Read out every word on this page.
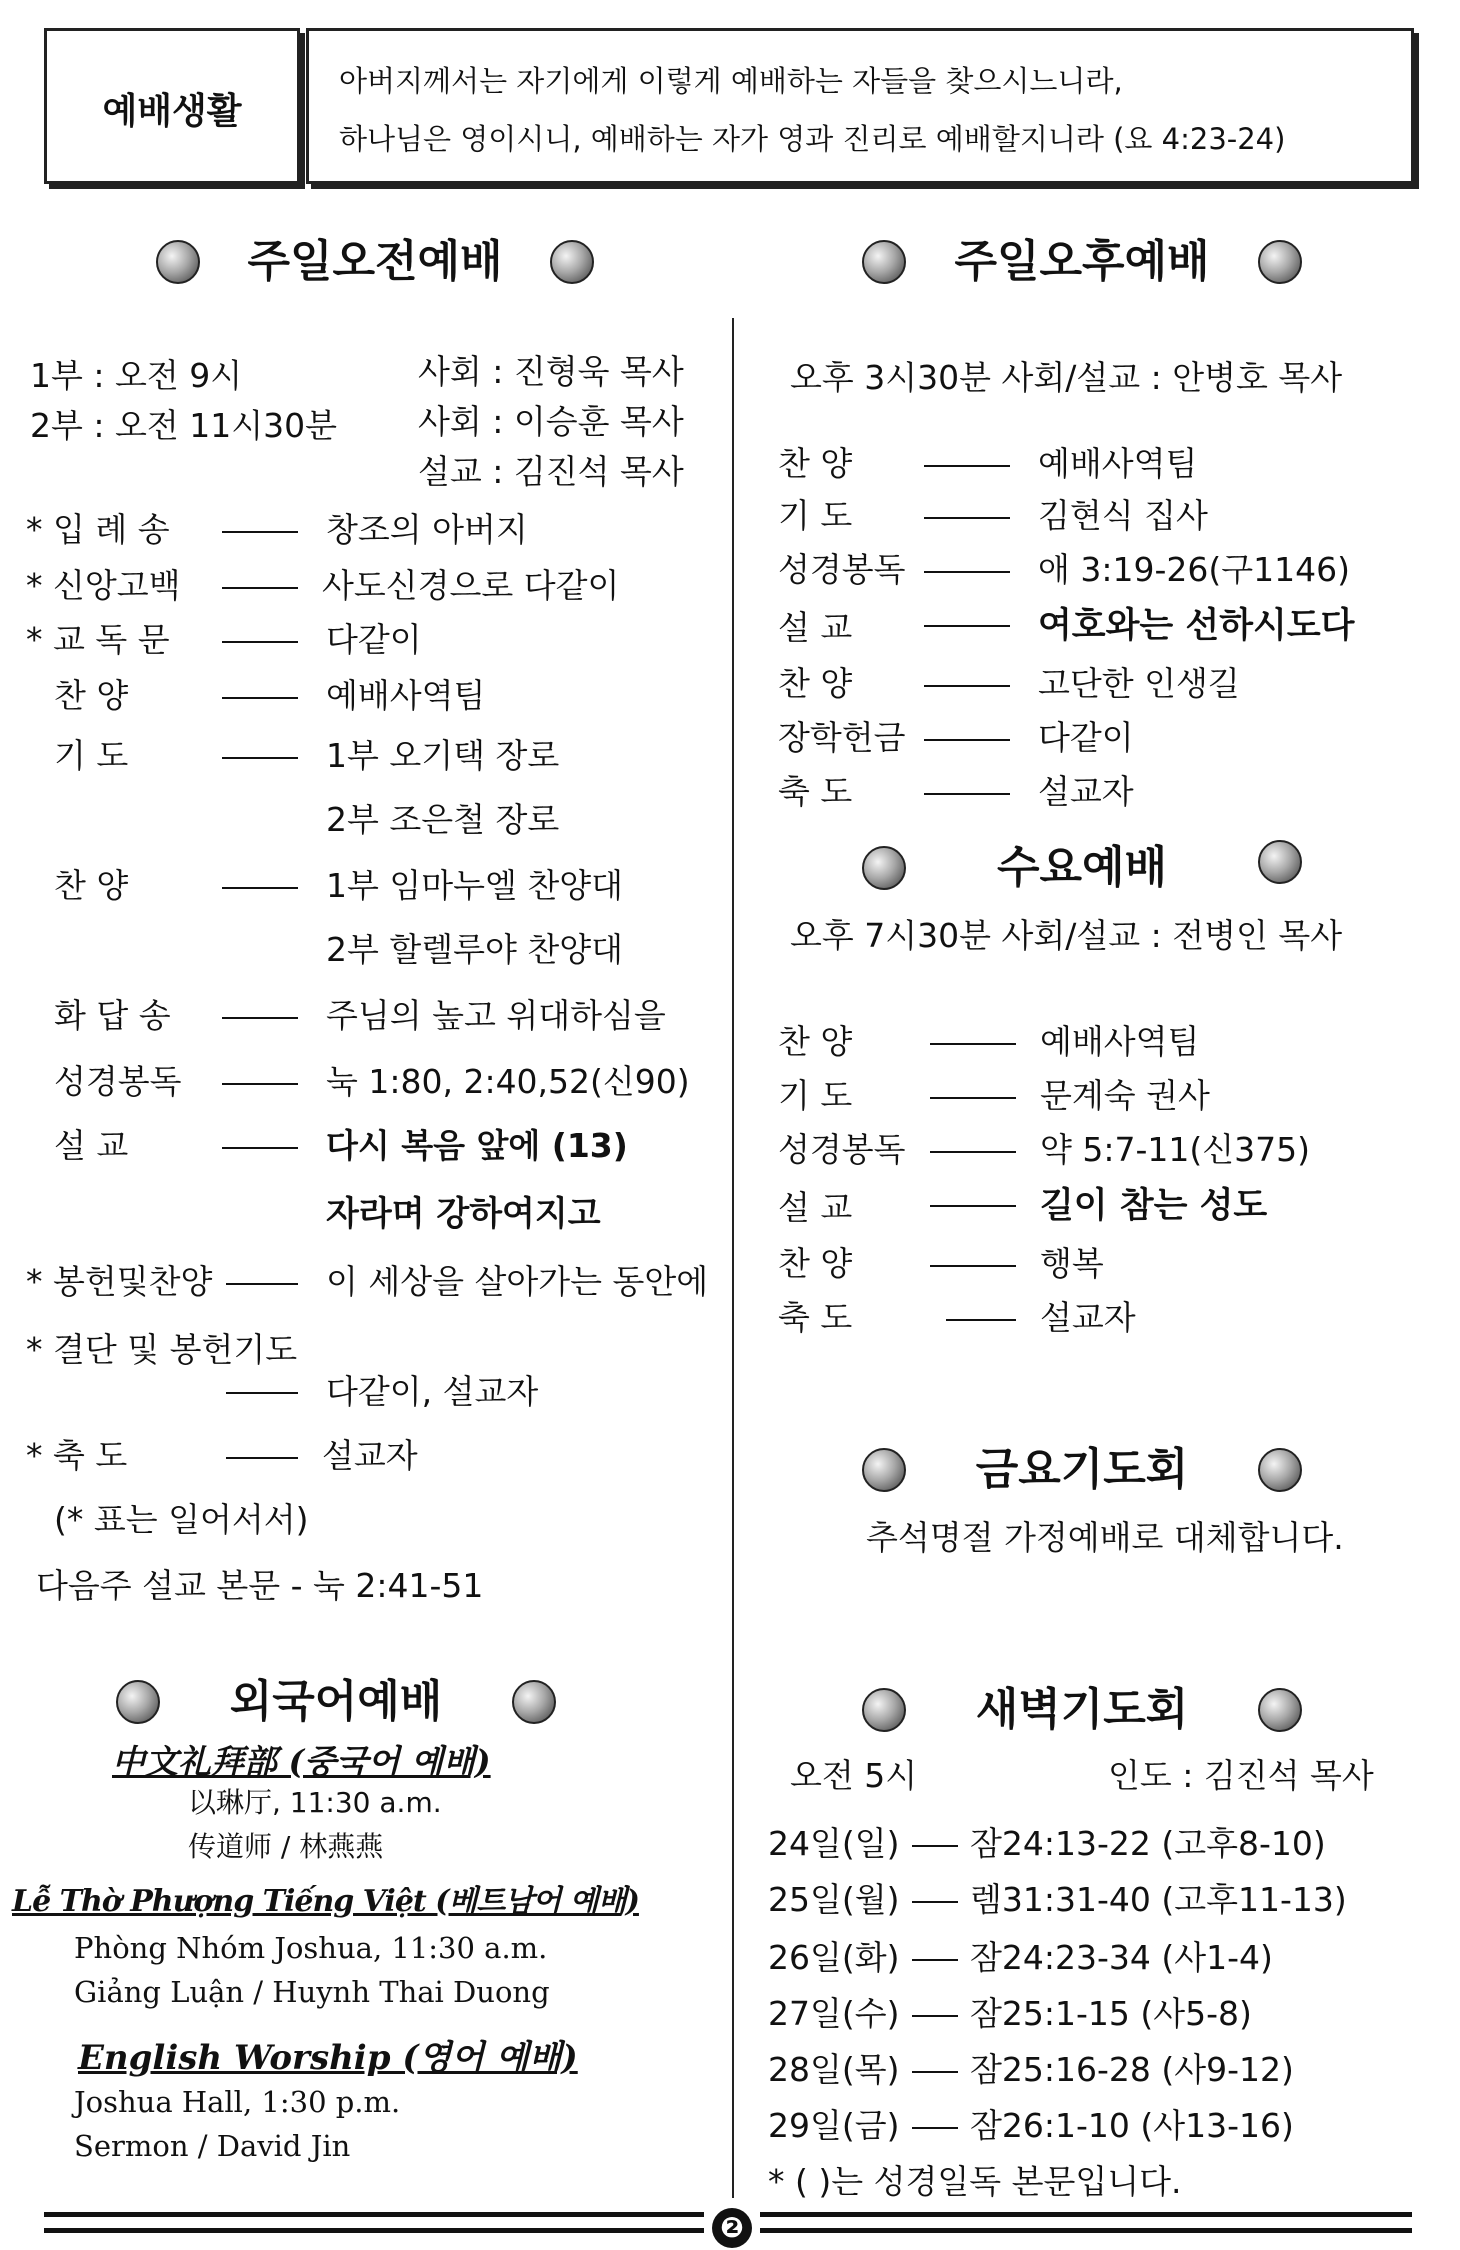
예배생활
아버지께서는 자기에게 이렇게 예배하는 자들을 찾으시느니라,
하나님은 영이시니, 예배하는 자가 영과 진리로 예배할지니라 (요 4:23-24)
주일오전예배
1부 : 오전 9시	사회 : 진형욱 목사
2부 : 오전 11시30분 사회 : 이승훈 목사
설교 : 김진석 목사
* 입 례 송	창조의 아버지
* 신앙고백	사도신경으로 다같이
* 교 독 문	다같이
찬 양	예배사역팀
기 도	1부 오기택 장로
2부 조은철 장로
찬 양	1부 임마누엘 찬양대
2부 할렐루야 찬양대
화 답 송	주님의 높고 위대하심을
성경봉독	눅 1:80, 2:40,52(신90)
설 교	다시 복음 앞에 (13)
자라며 강하여지고
* 봉헌및찬양	이 세상을 살아가는 동안에
* 결단 및 봉헌기도
다같이, 설교자
* 축 도	설교자
(* 표는 일어서서)
다음주 설교 본문 - 눅 2:41-51
외국어예배
中文礼拜部 (중국어 예배)
以琳厅, 11:30 a.m.
传道师 / 林燕燕
Lễ Thờ Phượng Tiếng Việt (베트남어 예배)
Phòng Nhóm Joshua, 11:30 a.m.
Giảng Luận / Huynh Thai Duong
English Worship (영어 예배)
Joshua Hall, 1:30 p.m.
Sermon / David Jin
주일오후예배
오후 3시30분 사회/설교 : 안병호 목사
찬 양	예배사역팀
기 도	김현식 집사
성경봉독	애 3:19-26(구1146)
설 교	여호와는 선하시도다
찬 양	고단한 인생길
장학헌금	다같이
축 도	설교자
수요예배
오후 7시30분 사회/설교 : 전병인 목사
찬 양	예배사역팀
기 도	문계숙 권사
성경봉독	약 5:7-11(신375)
설 교	길이 참는 성도
찬 양	행복
축 도	설교자
금요기도회
추석명절 가정예배로 대체합니다.
새벽기도회
오전 5시	인도 : 김진석 목사
24일(일) 잠24:13-22 (고후8-10)
25일(월) 렘31:31-40 (고후11-13)
26일(화) 잠24:23-34 (사1-4)
27일(수) 잠25:1-15 (사5-8)
28일(목) 잠25:16-28 (사9-12)
29일(금) 잠26:1-10 (사13-16)
* ( )는 성경일독 본문입니다.
❷
